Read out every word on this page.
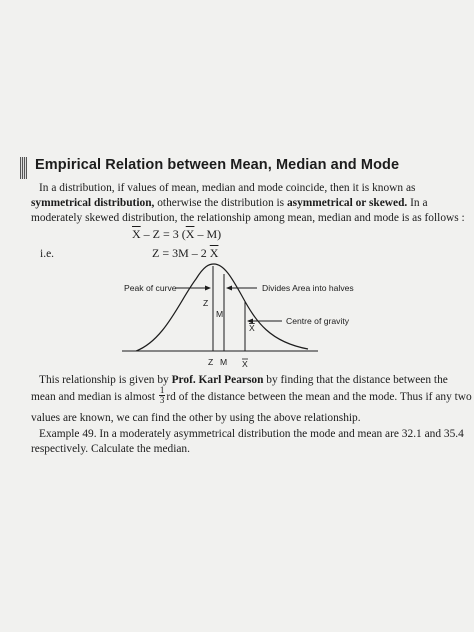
Empirical Relation between Mean, Median and Mode
In a distribution, if values of mean, median and mode coincide, then it is known as
symmetrical distribution, otherwise the distribution is asymmetrical or skewed. In a
moderately skewed distribution, the relationship among mean, median and mode is as follows :
$\overline{X} - Z = 3$ $(\overline{X} - M)$
i.e.	Z = 3M – 2 $\overline{X}$
Peak of curve	Divides Area into halves
Centre of gravity
Z
M
X
Z M X
This relationship is given by Prof. Karl Pearson by finding that the distance between the
mean and median is almost $\frac{1}{3}$ rd of the distance between the mean and the mode. Thus if any two
values are known, we can find the other by using the above relationship.
Example 49. In a moderately asymmetrical distribution the mode and mean are 32.1 and 35.4
respectively. Calculate the median.
